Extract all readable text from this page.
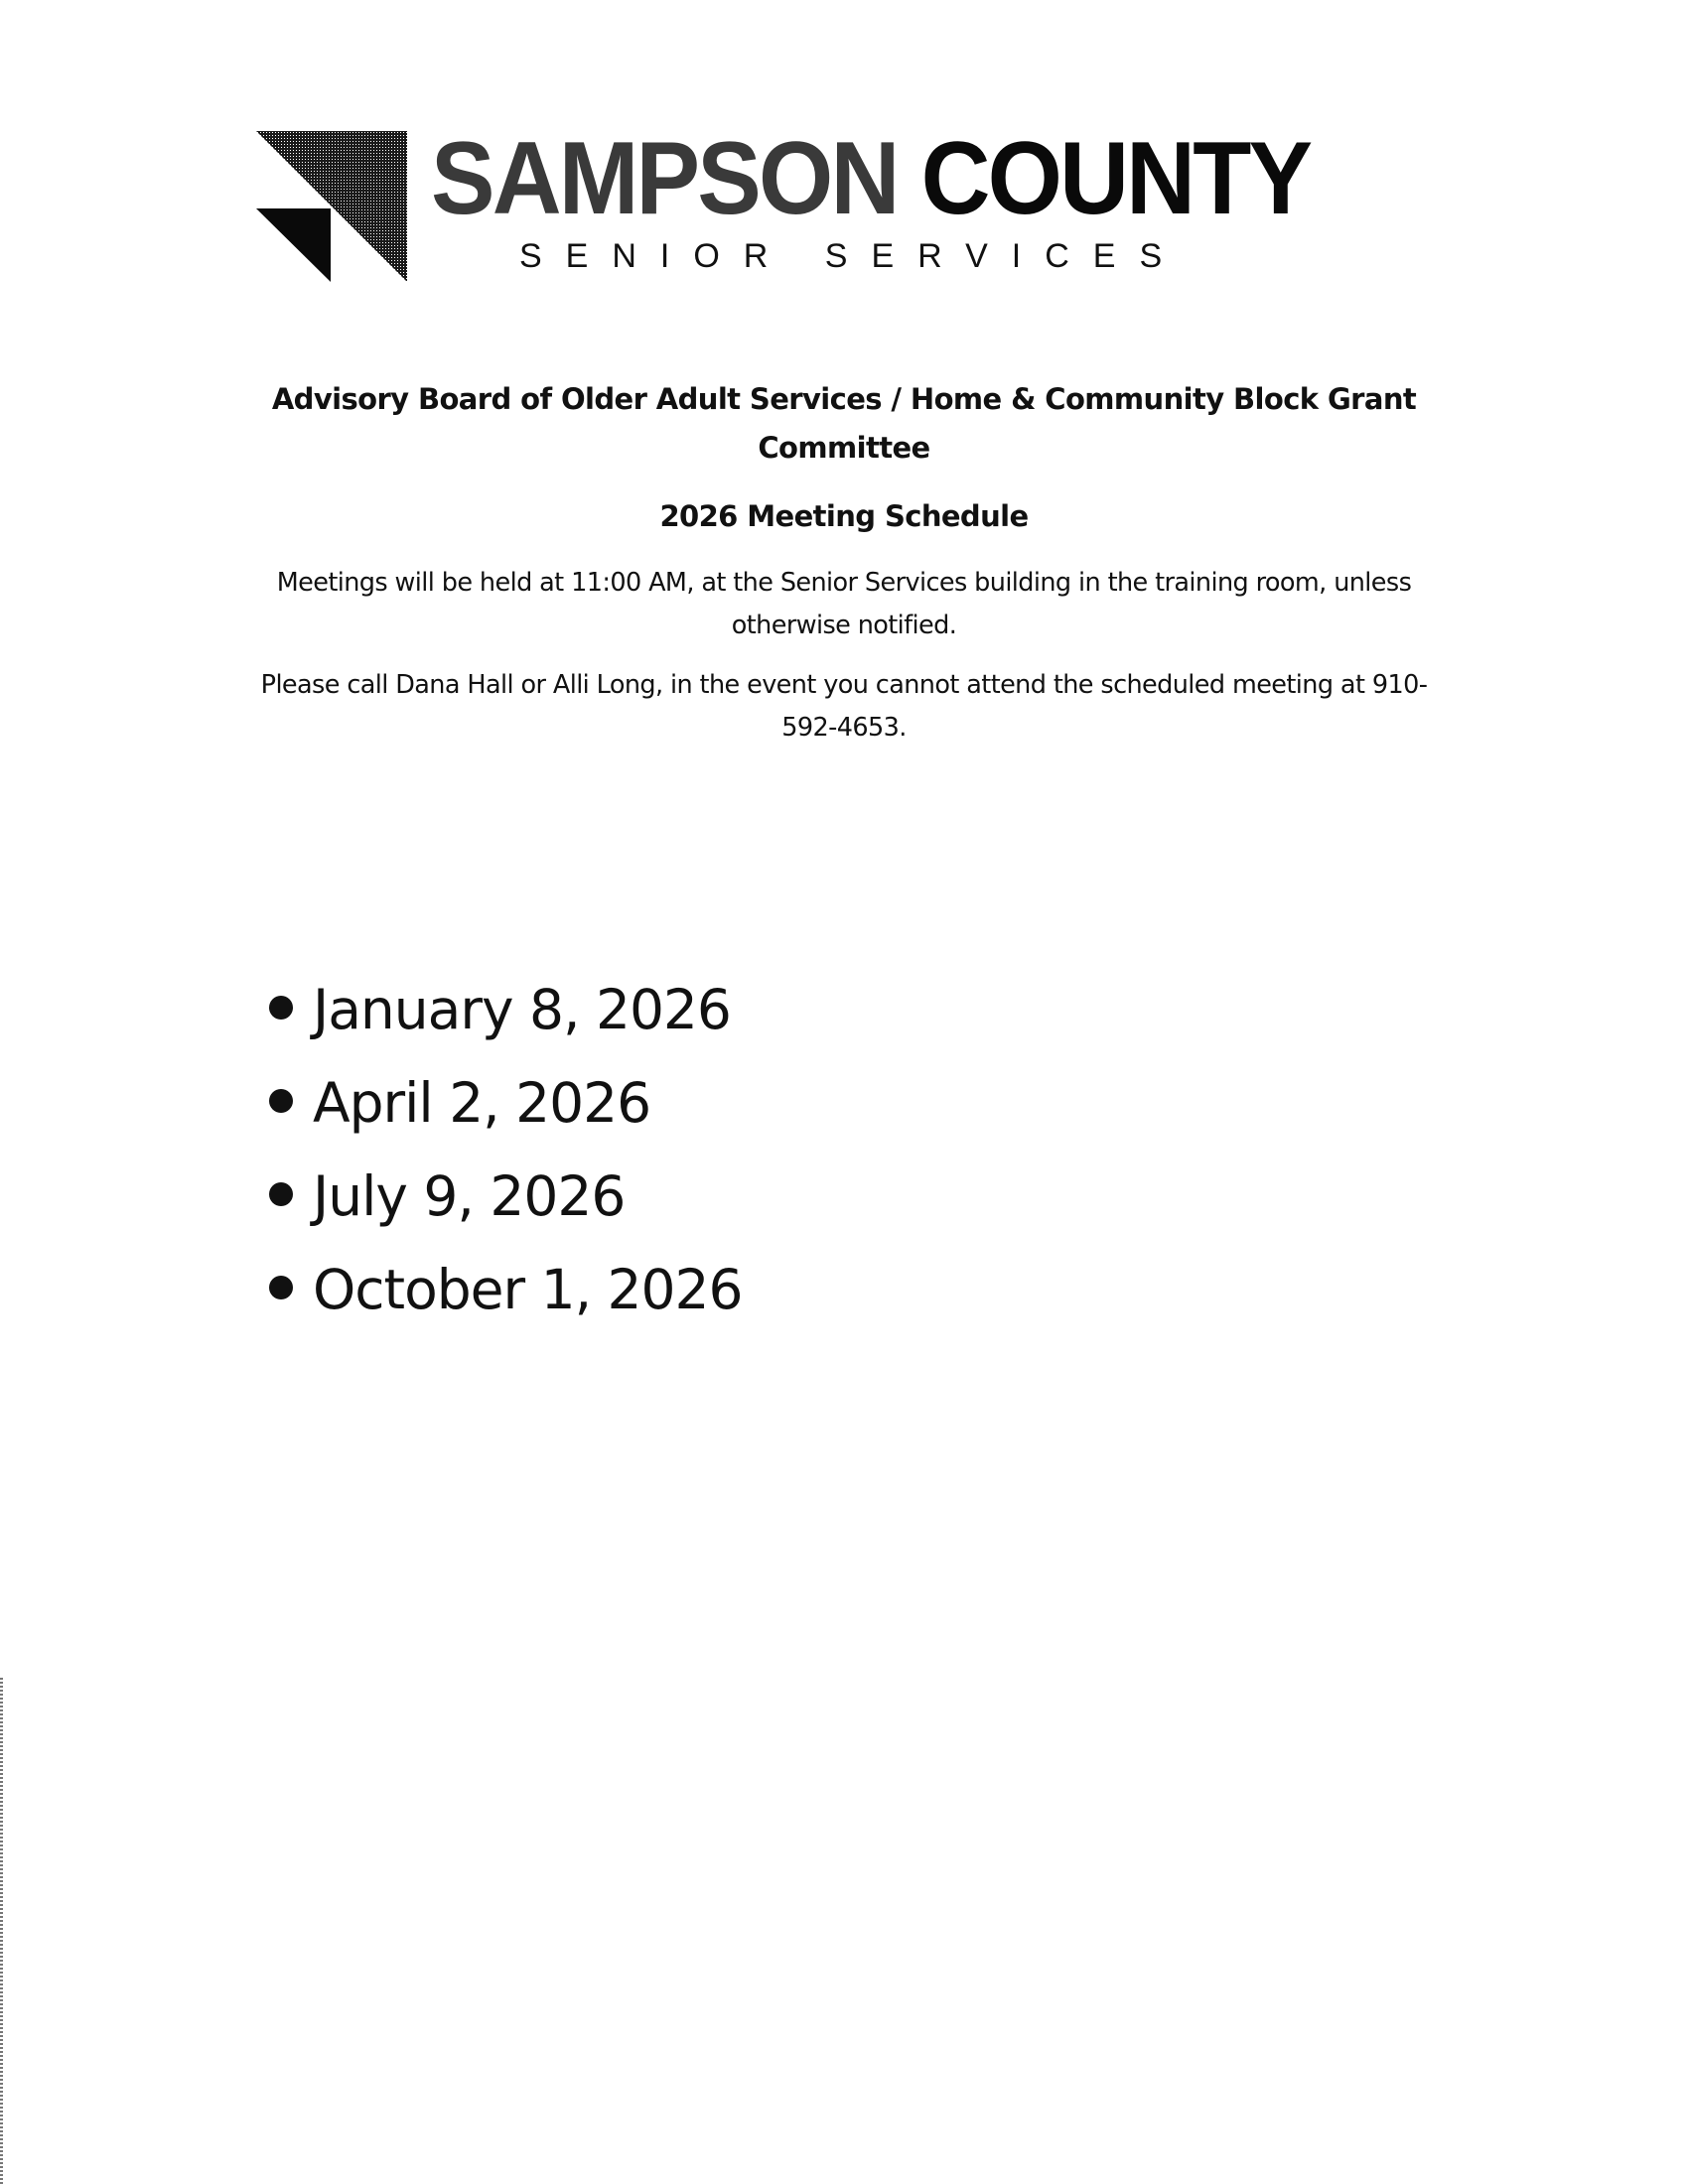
SAMPSON COUNTY
SENIOR SERVICES
Advisory Board of Older Adult Services / Home & Community Block Grant
Committee
2026 Meeting Schedule
Meetings will be held at 11:00 AM, at the Senior Services building in the training room, unless
otherwise notified.
Please call Dana Hall or Alli Long, in the event you cannot attend the scheduled meeting at 910-
592-4653.
January 8, 2026
April 2, 2026
July 9, 2026
October 1, 2026
